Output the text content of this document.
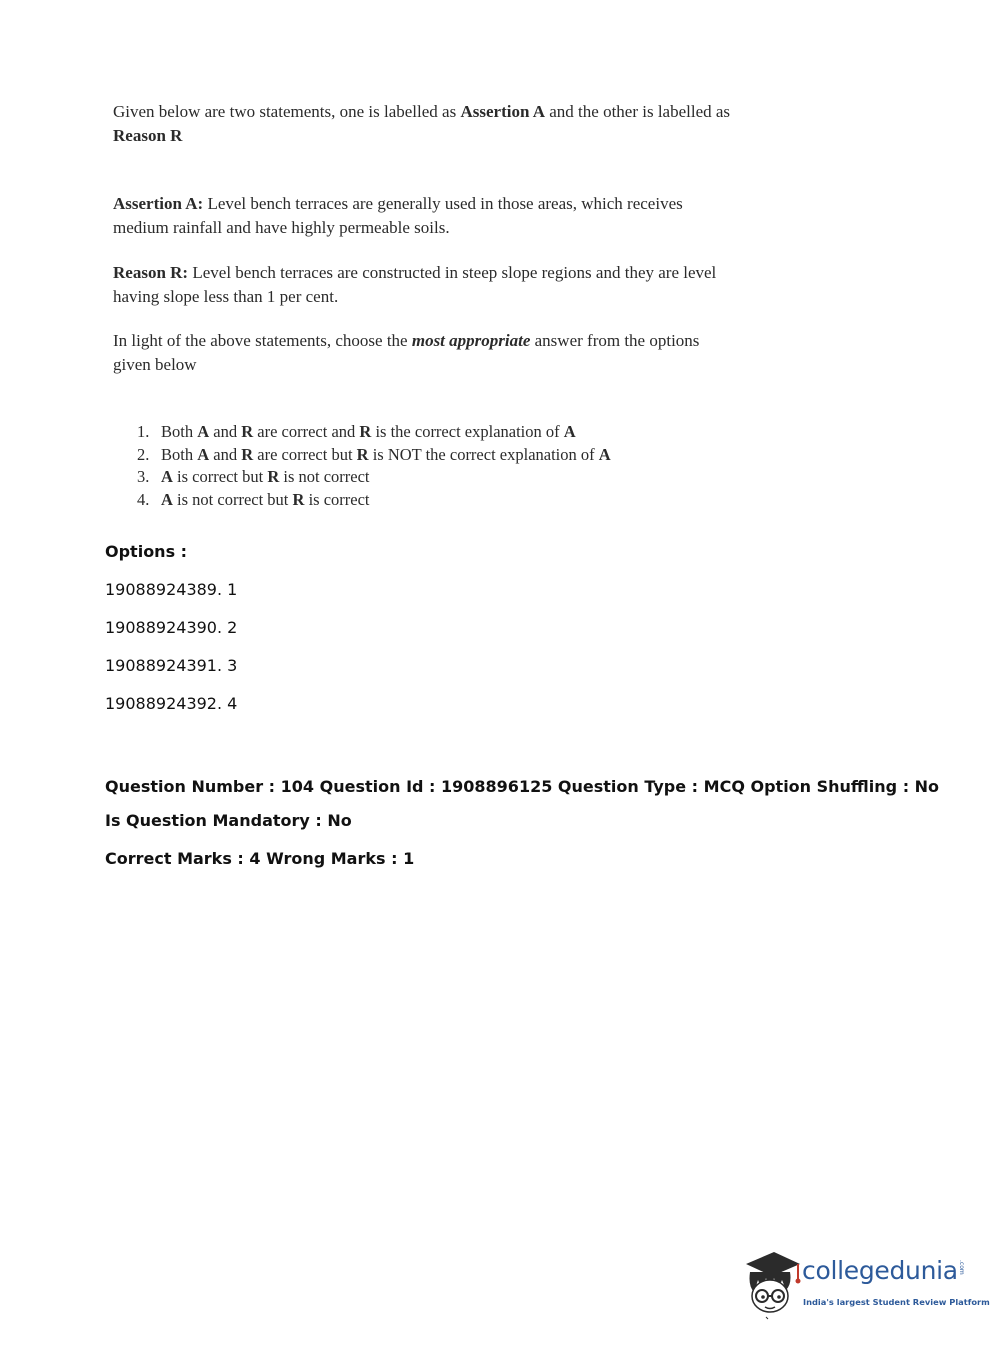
Given below are two statements, one is labelled as Assertion A and the other is labelled as
Reason R

Assertion A: Level bench terraces are generally used in those areas, which receives medium rainfall and have highly permeable soils.

Reason R: Level bench terraces are constructed in steep slope regions and they are level having slope less than 1 per cent.

In light of the above statements, choose the most appropriate answer from the options given below

1. Both A and R are correct and R is the correct explanation of A
2. Both A and R are correct but R is NOT the correct explanation of A
3. A is correct but R is not correct
4. A is not correct but R is correct
Options :
19088924389. 1
19088924390. 2
19088924391. 3
19088924392. 4
Question Number : 104 Question Id : 1908896125 Question Type : MCQ Option Shuffling : No
Is Question Mandatory : No
Correct Marks : 4 Wrong Marks : 1
collegedunia .com
India's largest Student Review Platform
